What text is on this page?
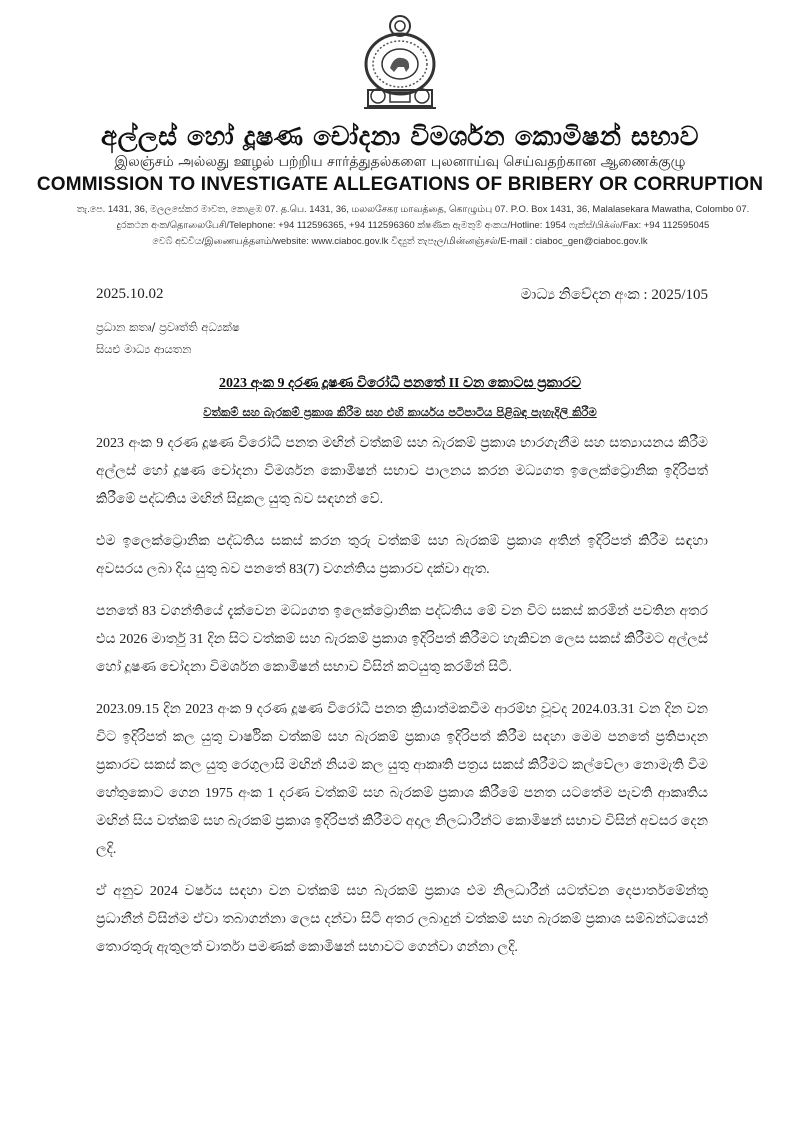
අල්ලස් හෝ දූෂණ චෝදනා විමර්ශන කොමිෂන් සභාව
இலஞ்சம் அல்லது ஊழல் பற்றிய சார்த்துதல்களை புலனாய்வு செய்வதற்கான ஆணைக்குழு
COMMISSION TO INVESTIGATE ALLEGATIONS OF BRIBERY OR CORRUPTION
තැ.පෙ. 1431, 36, මලලසේකර මාවත, කොළඹ 07. த.பெ. 1431, 36, மலலசேகர மாவத்தை, கொழும்பு 07. P.O. Box 1431, 36, Malalasekara Mawatha, Colombo 07.
දුරකථන අංක/தொலைபேசி/Telephone: +94 112596365, +94 112596360 ක්ෂණික ඇමතුම් අංකය/Hotline: 1954 ෆැක්ස්/பிக்ஸ்/Fax: +94 112595045
වෙබ් අඩවිය/இணையத்தளம்/website: www.ciaboc.gov.lk විද්‍යුත් තැපෑල/மின்னஞ்சல்/E-mail : ciaboc_gen@ciaboc.gov.lk
2025.10.02	මාධ්‍ය නිවේදන අංක : 2025/105
ප්‍රධාන කතෘ/ ප්‍රවෘත්ති අධ්‍යක්ෂ
සියළු මාධ්‍ය ආයතන
2023 අංක 9 දරණ දූෂණ විරෝධී පනතේ II වන කොටස ප්‍රකාරව
වත්කම් සහ බැරකම් ප්‍රකාශ කිරීම සහ එහි කාර්යය පටිපාටිය පිළිබඳ පැහැදිලි කිරීම

2023 අංක 9 දරණ දූෂණ විරෝධී පනත මඟින් වත්කම් සහ බැරකම් ප්‍රකාශ භාරගැනීම සහ සත්‍යායනය කිරීම අල්ලස් හෝ දූෂණ චෝදනා විමර්ශන කොමිෂන් සභාව පාලනය කරන මධ්‍යගත ඉලෙක්ට්‍රොනික ඉදිරිපත් කිරීමේ පද්ධතිය මඟින් සිදුකල යුතු බව සඳහන් වේ.

එම ඉලෙක්ට්‍රොනික පද්ධතිය සකස් කරන තුරු වත්කම් සහ බැරකම් ප්‍රකාශ අතින් ඉදිරිපත් කිරීම සඳහා අවසරය ලබා දිය යුතු බව පනතේ 83(7) වගන්තිය ප්‍රකාරව දක්වා ඇත.

පනතේ 83 වගන්තියේ දැක්වෙන මධ්‍යගත ඉලෙක්ට්‍රොනික පද්ධතිය මේ වන විට සකස් කරමින් පවතින අතර එය 2026 මාර්තු 31 දින සිට වත්කම් සහ බැරකම් ප්‍රකාශ ඉදිරිපත් කිරීමට හැකිවන ලෙස සකස් කිරීමට අල්ලස් හෝ දූෂණ චෝදනා විමර්ශන කොමිෂන් සභාව විසින් කටයුතු කරමින් සිටී.

2023.09.15 දින 2023 අංක 9 දරණ දූෂණ විරෝධී පනත ක්‍රියාත්මකවීම ආරම්භ වූවද 2024.03.31 වන දින වන විට ඉදිරිපත් කල යුතු වාර්ෂික වත්කම් සහ බැරකම් ප්‍රකාශ ඉදිරිපත් කිරීම සඳහා මෙම පනතේ ප්‍රතිපාදන ප්‍රකාරව සකස් කල යුතු රෙගුලාසි මඟින් නියම කල යුතු ආකෘති පත්‍රය සකස් කිරීමට කල්වේලා නොමැති වීම හේතුකොට ගෙන 1975 අංක 1 දරණ වත්කම් සහ බැරකම් ප්‍රකාශ කිරීමේ පනත යටතේම පැවති ආකෘතිය මඟින් සිය වත්කම් සහ බැරකම් ප්‍රකාශ ඉදිරිපත් කිරීමට අදාල නිලධාරීන්ට කොමිෂන් සභාව විසින් අවසර දෙන ලදි.

ඒ අනුව 2024 වර්ෂය සඳහා වන වත්කම් සහ බැරකම් ප්‍රකාශ එම නිලධාරීන් යටත්වන දෙපාර්තමේන්තු ප්‍රධානීන් විසින්ම ඒවා තබාගන්නා ලෙස දන්වා සිටි අතර ලබාදුන් වත්කම් සහ බැරකම් ප්‍රකාශ සම්බන්ධයෙන් තොරතුරු ඇතුලත් වාර්තා පමණක් කොමිෂන් සභාවට ගෙන්වා ගන්නා ලදි.
